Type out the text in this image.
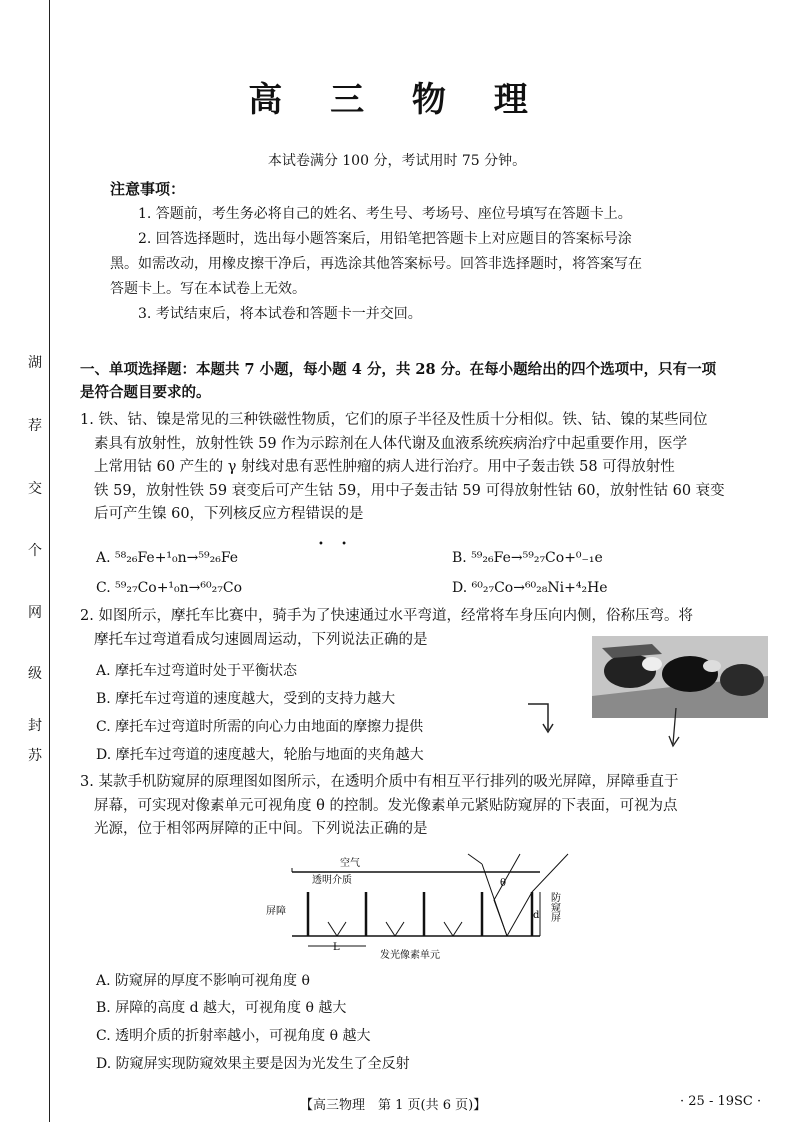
湖
荐
交
个
网
级
封
苏
高 三 物 理
本试卷满分 100 分，考试用时 75 分钟。
注意事项：
1. 答题前，考生务必将自己的姓名、考生号、考场号、座位号填写在答题卡上。
2. 回答选择题时，选出每小题答案后，用铅笔把答题卡上对应题目的答案标号涂
黑。如需改动，用橡皮擦干净后，再选涂其他答案标号。回答非选择题时，将答案写在
答题卡上。写在本试卷上无效。
3. 考试结束后，将本试卷和答题卡一并交回。
一、单项选择题：本题共 7 小题，每小题 4 分，共 28 分。在每小题给出的四个选项中，只有一项
是符合题目要求的。
1. 铁、钴、镍是常见的三种铁磁性物质，它们的原子半径及性质十分相似。铁、钴、镍的某些同位
素具有放射性，放射性铁 59 作为示踪剂在人体代谢及血液系统疾病治疗中起重要作用，医学
上常用钴 60 产生的 γ 射线对患有恶性肿瘤的病人进行治疗。用中子轰击铁 58 可得放射性
铁 59，放射性铁 59 衰变后可产生钴 59，用中子轰击钴 59 可得放射性钴 60，放射性钴 60 衰变
后可产生镍 60，下列核反应方程错误的是
• •
A. ⁵⁸₂₆Fe+¹₀n→⁵⁹₂₆Fe	B. ⁵⁹₂₆Fe→⁵⁹₂₇Co+⁰₋₁e
C. ⁵⁹₂₇Co+¹₀n→⁶⁰₂₇Co	D. ⁶⁰₂₇Co→⁶⁰₂₈Ni+⁴₂He
2. 如图所示，摩托车比赛中，骑手为了快速通过水平弯道，经常将车身压向内侧，俗称压弯。将
摩托车过弯道看成匀速圆周运动，下列说法正确的是
A. 摩托车过弯道时处于平衡状态
B. 摩托车过弯道的速度越大，受到的支持力越大
C. 摩托车过弯道时所需的向心力由地面的摩擦力提供
D. 摩托车过弯道的速度越大，轮胎与地面的夹角越大
3. 某款手机防窥屏的原理图如图所示，在透明介质中有相互平行排列的吸光屏障，屏障垂直于
屏幕，可实现对像素单元可视角度 θ 的控制。发光像素单元紧贴防窥屏的下表面，可视为点
光源，位于相邻两屏障的正中间。下列说法正确的是
空气
透明介质
屏障
θ
L
d
发光像素单元
防窥屏
A. 防窥屏的厚度不影响可视角度 θ
B. 屏障的高度 d 越大，可视角度 θ 越大
C. 透明介质的折射率越小，可视角度 θ 越大
D. 防窥屏实现防窥效果主要是因为光发生了全反射
【高三物理　第 1 页(共 6 页)】	· 25 - 19SC ·
